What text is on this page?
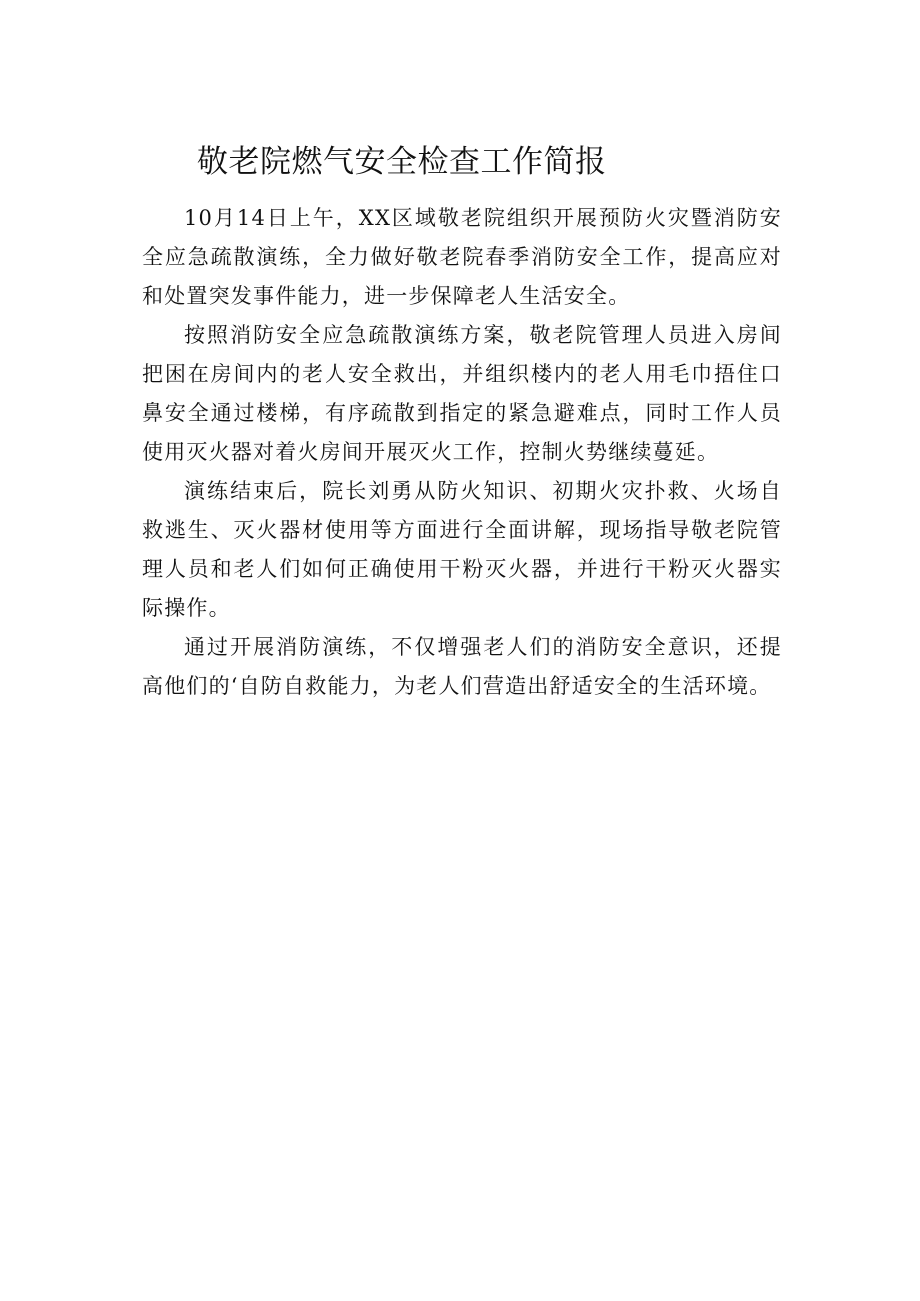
敬老院燃气安全检查工作简报

10月14日上午，XX区域敬老院组织开展预防火灾暨消防安全应急疏散演练，全力做好敬老院春季消防安全工作，提高应对和处置突发事件能力，进一步保障老人生活安全。

按照消防安全应急疏散演练方案，敬老院管理人员进入房间把困在房间内的老人安全救出，并组织楼内的老人用毛巾捂住口鼻安全通过楼梯，有序疏散到指定的紧急避难点，同时工作人员使用灭火器对着火房间开展灭火工作，控制火势继续蔓延。

演练结束后，院长刘勇从防火知识、初期火灾扑救、火场自救逃生、灭火器材使用等方面进行全面讲解，现场指导敬老院管理人员和老人们如何正确使用干粉灭火器，并进行干粉灭火器实际操作。

通过开展消防演练，不仅增强老人们的消防安全意识，还提高他们的‘自防自救能力，为老人们营造出舒适安全的生活环境。
